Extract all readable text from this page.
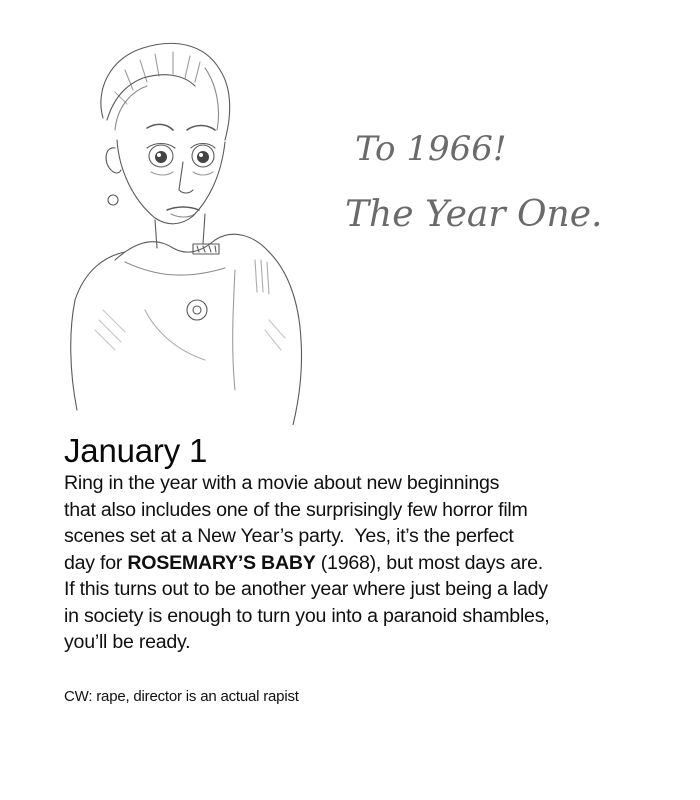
To 1966!
The Year One.
January 1

Ring in the year with a movie about new beginnings
that also includes one of the surprisingly few horror film
scenes set at a New Year’s party.  Yes, it’s the perfect
day for ROSEMARY’S BABY (1968), but most days are.
If this turns out to be another year where just being a lady
in society is enough to turn you into a paranoid shambles,
you’ll be ready.

CW: rape, director is an actual rapist
